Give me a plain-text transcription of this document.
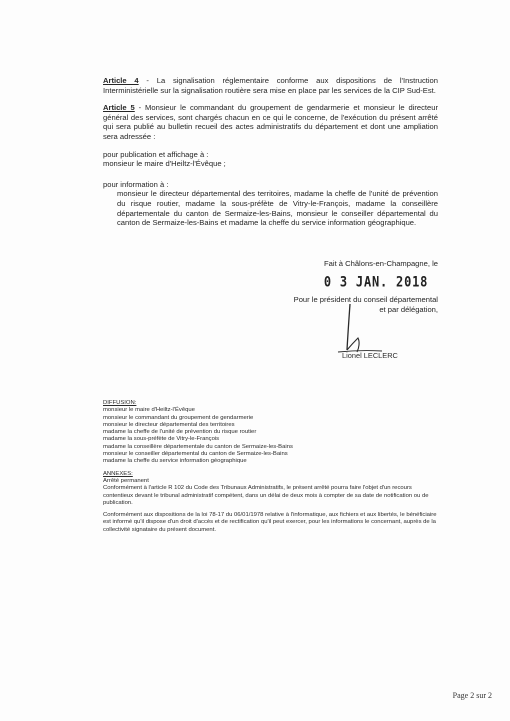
Article 4 - La signalisation réglementaire conforme aux dispositions de l'Instruction Interministérielle sur la signalisation routière sera mise en place par les services de la CIP Sud-Est.

Article 5 - Monsieur le commandant du groupement de gendarmerie et monsieur le directeur général des services, sont chargés chacun en ce qui le concerne, de l'exécution du présent arrêté qui sera publié au bulletin recueil des actes administratifs du département et dont une ampliation sera adressée :

pour publication et affichage à :

monsieur le maire d'Heiltz-l'Évêque ;

pour information à :

monsieur le directeur départemental des territoires, madame la cheffe de l'unité de prévention du risque routier, madame la sous-préfète de Vitry-le-François, madame la conseillère départementale du canton de Sermaize-les-Bains, monsieur le conseiller départemental du canton de Sermaize-les-Bains et madame la cheffe du service information géographique.

Fait à Châlons-en-Champagne, le
0 3 JAN. 2018
Pour le président du conseil départemental
et par délégation,
Lionel LECLERC

DIFFUSION:

monsieur le maire d'Heiltz-l'Évêque

monsieur le commandant du groupement de gendarmerie

monsieur le directeur départemental des territoires

madame la cheffe de l'unité de prévention du risque routier

madame la sous-préfète de Vitry-le-François

madame la conseillère départementale du canton de Sermaize-les-Bains

monsieur le conseiller départemental du canton de Sermaize-les-Bains

madame la cheffe du service information géographique

ANNEXES:

Arrêté permanent

Conformément à l'article R 102 du Code des Tribunaux Administratifs, le présent arrêté pourra faire l'objet d'un recours contentieux devant le tribunal administratif compétent, dans un délai de deux mois à compter de sa date de notification ou de publication.

Conformément aux dispositions de la loi 78-17 du 06/01/1978 relative à l'informatique, aux fichiers et aux libertés, le bénéficiaire est informé qu'il dispose d'un droit d'accès et de rectification qu'il peut exercer, pour les informations le concernant, auprès de la collectivité signataire du présent document.

Page 2 sur 2
